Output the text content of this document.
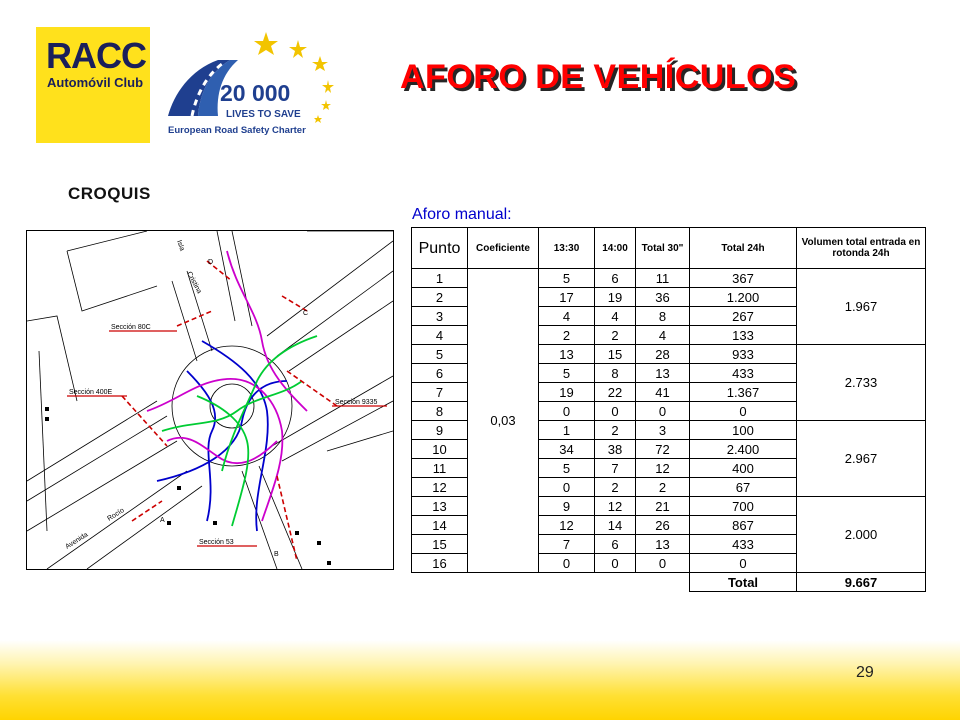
RACC
Automóvil Club	20 000
LIVES TO SAVE
European Road Safety Charter
AFORO DE VEHÍCULOS
CROQUIS
Sección 400E
Sección 80C
Sección 9335
Sección 53
Isla
Cristina
Avenida
Rocío	A
B
C
D
Aforo manual:
Punto	Coeficiente	13:30	14:00	Total 30"	Total 24h	Volumen total entrada en rotonda 24h
1	0,03	5	6	11	367	1.967
2		17	19	36	1.200	
3		4	4	8	267	
4		2	2	4	133	
5		13	15	28	933	2.733
6		5	8	13	433	
7		19	22	41	1.367	
8		0	0	0	0	
9		1	2	3	100	2.967
10		34	38	72	2.400	
11		5	7	12	400	
12		0	2	2	67	
13		9	12	21	700	2.000
14		12	14	26	867	
15		7	6	13	433	
16		0	0	0	0	
					Total	9.667
29
